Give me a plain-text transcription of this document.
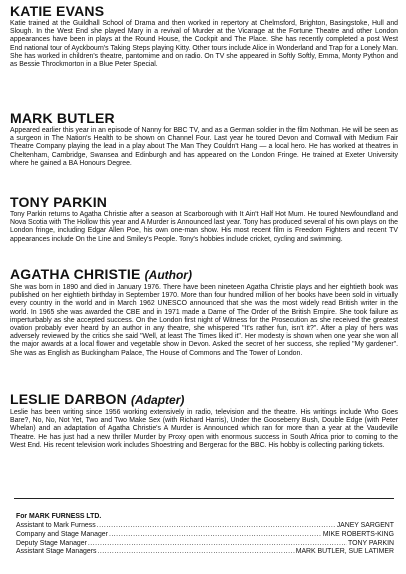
KATIE EVANS

Katie trained at the Guildhall School of Drama and then worked in repertory at Chelmsford, Brighton, Basingstoke, Hull and Slough. In the West End she played Mary in a revival of Murder at the Vicarage at the Fortune Theatre and other London appearances have been in plays at the Round House, the Cockpit and The Place. She has recently completed a post West End national tour of Ayckbourn's Taking Steps playing Kitty. Other tours include Alice in Wonderland and Trap for a Lonely Man. She has worked in children's theatre, pantomime and on radio. On TV she appeared in Softly Softly, Emma, Monty Python and as Bessie Throckmorton in a Blue Peter Special.

MARK BUTLER

Appeared earlier this year in an episode of Nanny for BBC TV, and as a German soldier in the film Nothman. He will be seen as a surgeon in The Nation's Health to be shown on Channel Four. Last year he toured Devon and Cornwall with Medium Fair Theatre Company playing the lead in a play about The Man They Couldn't Hang — a local hero. He has worked at theatres in Cheltenham, Cambridge, Swansea and Edinburgh and has appeared on the London Fringe. He trained at Exeter University where he gained a BA Honours Degree.

TONY PARKIN

Tony Parkin returns to Agatha Christie after a season at Scarborough with It Ain't Half Hot Mum. He toured Newfoundland and Nova Scotia with The Hollow this year and A Murder is Announced last year. Tony has produced several of his own plays on the London fringe, including Edgar Allen Poe, his own one-man show. His most recent film is Freedom Fighters and recent TV appearances include On the Line and Smiley's People. Tony's hobbies include cricket, cycling and swimming.

AGATHA CHRISTIE (Author)

She was born in 1890 and died in January 1976. There have been nineteen Agatha Christie plays and her eightieth book was published on her eightieth birthday in September 1970. More than four hundred million of her books have been sold in virtually every country in the world and in March 1962 UNESCO announced that she was the most widely read British writer in the world. In 1965 she was awarded the CBE and in 1971 made a Dame of The Order of the British Empire. She took failure as imperturbably as she accepted success. On the London first night of Witness for the Prosecution as she received the greatest ovation probably ever heard by an author in any theatre, she whispered "It's rather fun, isn't it?". After a play of hers was adversely reviewed by the critics she said "Well, at least The Times liked it". Her modesty is shown when one year she won all the major awards at a local flower and vegetable show in Devon. Asked the secret of her success, she replied "My gardener". She was as English as Buckingham Palace, The House of Commons and The Tower of London.

LESLIE DARBON (Adapter)

Leslie has been writing since 1956 working extensively in radio, television and the theatre. His writings include Who Goes Bare?, No, No, Not Yet, Two and Two Make Sex (with Richard Harris), Under the Gooseberry Bush, Double Edge (with Peter Whelan) and an adaptation of Agatha Christie's A Murder is Announced which ran for more than a year at the Vaudeville Theatre. He has just had a new thriller Murder by Proxy open with enormous success in South Africa prior to coming to the West End. His recent television work includes Shoestring and Bergerac for the BBC. His hobby is collecting parking tickets.

For MARK FURNESS LTD.
Assistant to Mark Furness .....	JANEY SARGENT
Company and Stage Manager .....	MIKE ROBERTS-KING
Deputy Stage Manager .....	TONY PARKIN
Assistant Stage Managers .....	MARK BUTLER, SUE LATIMER
